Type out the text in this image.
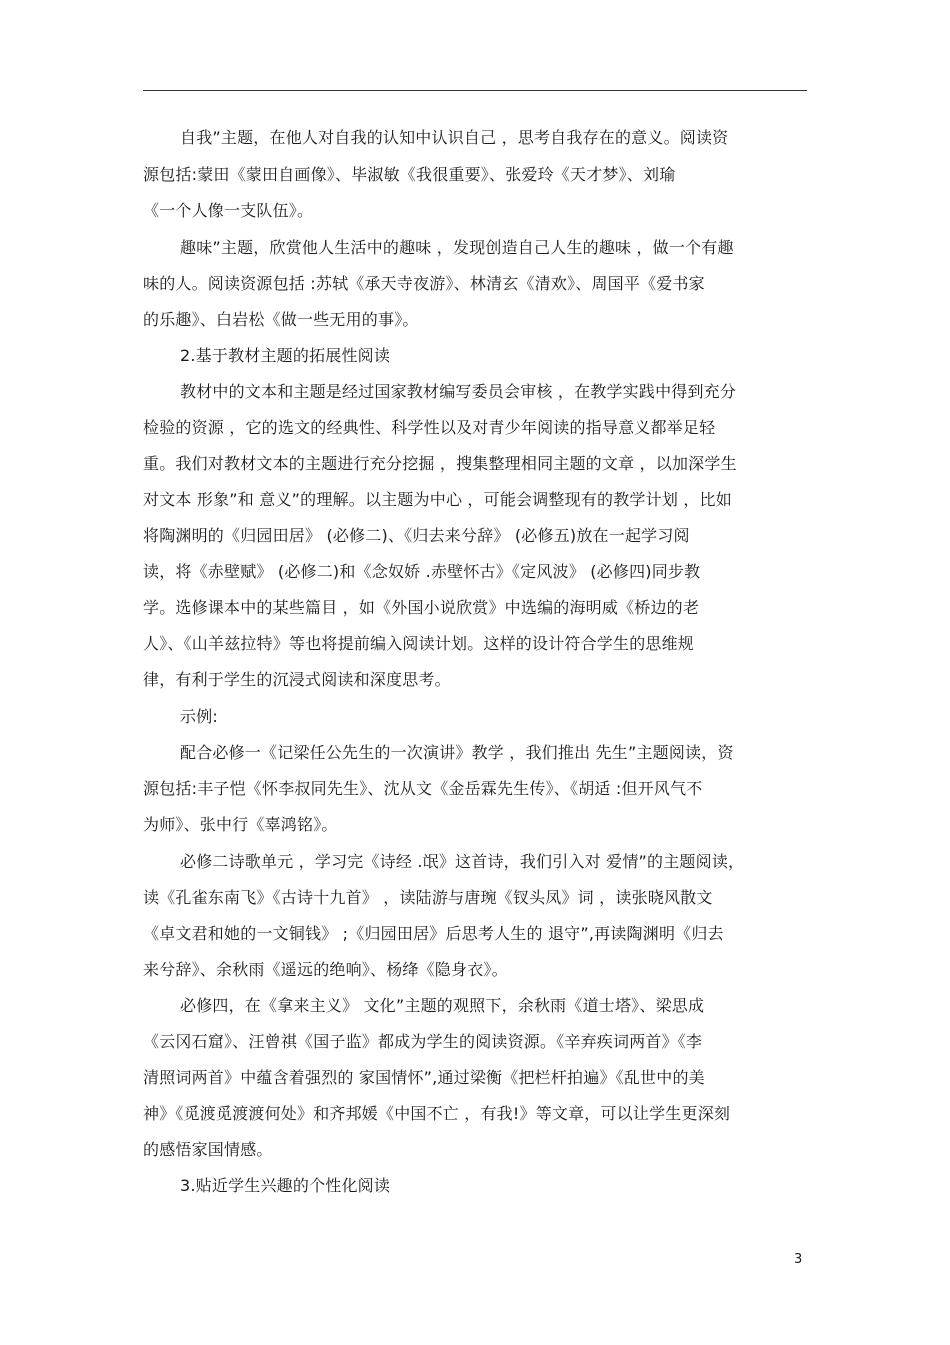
自我”主题，在他人对自我的认知中认识自己 ，思考自我存在的意义。阅读资
源包括:蒙田《蒙田自画像》、毕淑敏《我很重要》、张爱玲《天才梦》、刘瑜
《一个人像一支队伍》。
趣味”主题，欣赏他人生活中的趣味 ，发现创造自己人生的趣味 ，做一个有趣
味的人。阅读资源包括 :苏轼《承天寺夜游》、林清玄《清欢》、周国平《爱书家
的乐趣》、白岩松《做一些无用的事》。
2.基于教材主题的拓展性阅读
教材中的文本和主题是经过国家教材编写委员会审核 ，在教学实践中得到充分
检验的资源 ，它的选文的经典性、科学性以及对青少年阅读的指导意义都举足轻
重。我们对教材文本的主题进行充分挖掘 ，搜集整理相同主题的文章 ，以加深学生
对文本 形象”和 意义”的理解。以主题为中心 ，可能会调整现有的教学计划 ，比如
将陶渊明的《归园田居》 (必修二)、《归去来兮辞》 (必修五)放在一起学习阅
读，将《赤壁赋》 (必修二)和《念奴娇 .赤壁怀古》《定风波》 (必修四)同步教
学。选修课本中的某些篇目 ，如《外国小说欣赏》中选编的海明威《桥边的老
人》、《山羊兹拉特》等也将提前编入阅读计划。这样的设计符合学生的思维规
律，有利于学生的沉浸式阅读和深度思考。
示例:
配合必修一《记梁任公先生的一次演讲》教学 ，我们推出 先生”主题阅读，资
源包括:丰子恺《怀李叔同先生》、沈从文《金岳霖先生传》、《胡适 :但开风气不
为师》、张中行《辜鸿铭》。
必修二诗歌单元 ，学习完《诗经 .氓》这首诗，我们引入对 爱情”的主题阅读，
读《孔雀东南飞》《古诗十九首》 ，读陆游与唐琬《钗头凤》词 ，读张晓风散文
《卓文君和她的一文铜钱》 ;《归园田居》后思考人生的 退守”,再读陶渊明《归去
来兮辞》、余秋雨《遥远的绝响》、杨绛《隐身衣》。
必修四，在《拿来主义》 文化”主题的观照下，余秋雨《道士塔》、梁思成
《云冈石窟》、汪曾祺《国子监》都成为学生的阅读资源。《辛弃疾词两首》《李
清照词两首》中蕴含着强烈的 家国情怀”,通过梁衡《把栏杆拍遍》《乱世中的美
神》《觅渡觅渡渡何处》和齐邦媛《中国不亡 ，有我!》等文章，可以让学生更深刻
的感悟家国情感。
3.贴近学生兴趣的个性化阅读
3
